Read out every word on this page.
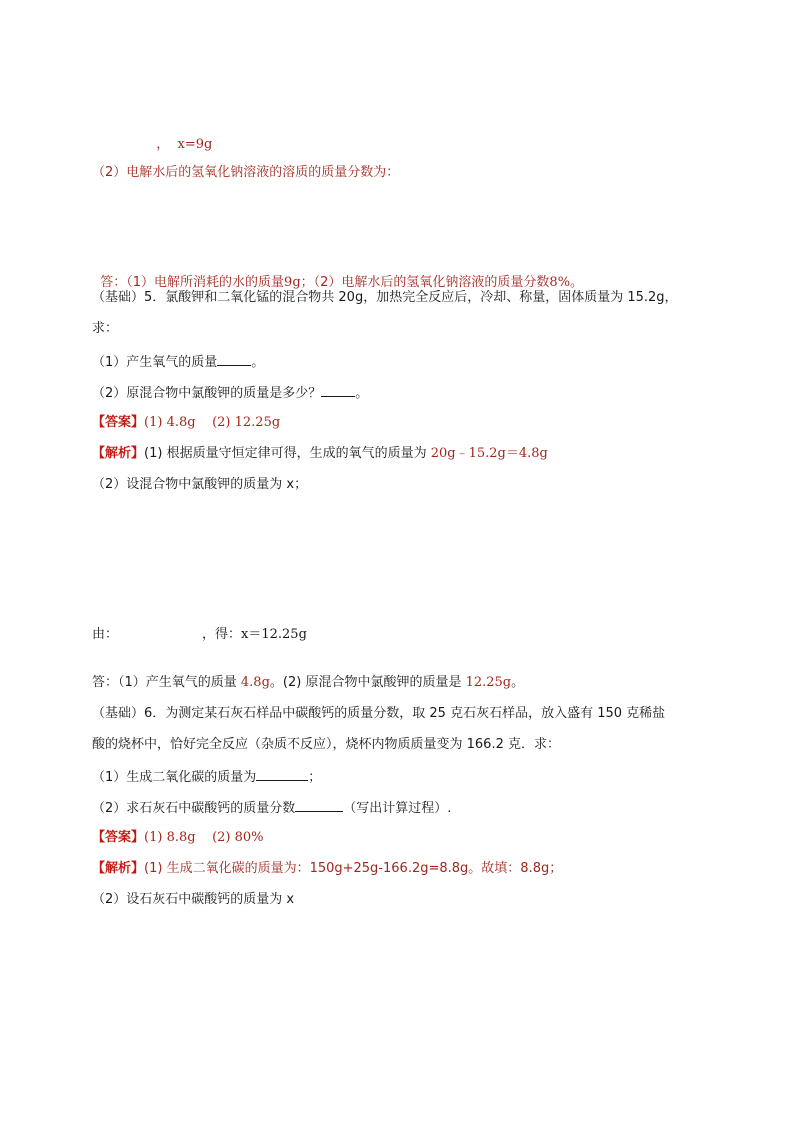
， x=9g

（2）电解水后的氢氧化钠溶液的溶质的质量分数为：

答：（1）电解所消耗的水的质量9g；（2）电解水后的氢氧化钠溶液的质量分数8%。

（基础）5．氯酸钾和二氧化锰的混合物共 20g，加热完全反应后，冷却、称量，固体质量为 15.2g，
求：
（1）产生氧气的质量	。
（2）原混合物中氯酸钾的质量是多少？	。
【答案】(1) 4.8g    (2) 12.25g
【解析】(1) 根据质量守恒定律可得，生成的氧气的质量为 20g﹣15.2g＝4.8g
（2）设混合物中氯酸钾的质量为 x；
由：	，得：x＝12.25g
答：（1）产生氧气的质量 4.8g。(2) 原混合物中氯酸钾的质量是 12.25g。
（基础）6．为测定某石灰石样品中碳酸钙的质量分数，取 25 克石灰石样品，放入盛有 150 克稀盐
酸的烧杯中，恰好完全反应（杂质不反应），烧杯内物质质量变为 166.2 克．求：
（1）生成二氧化碳的质量为	；
（2）求石灰石中碳酸钙的质量分数	（写出计算过程）.
【答案】(1) 8.8g    (2) 80%
【解析】(1) 生成二氧化碳的质量为：150g+25g-166.2g=8.8g。故填：8.8g；
（2）设石灰石中碳酸钙的质量为 x
